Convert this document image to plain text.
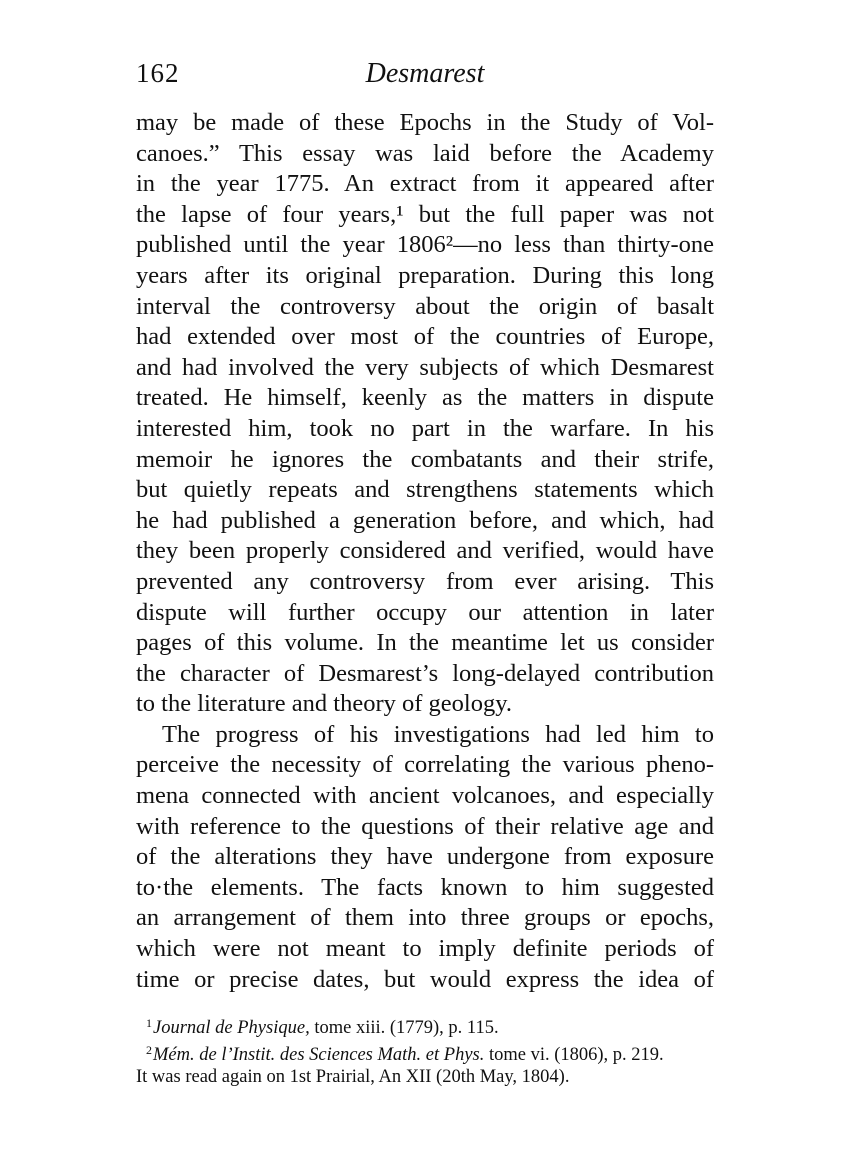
162	Desmarest
may be made of these Epochs in the Study of Vol-
canoes.” This essay was laid before the Academy
in the year 1775. An extract from it appeared after
the lapse of four years,¹ but the full paper was not
published until the year 1806²—no less than thirty-one
years after its original preparation. During this long
interval the controversy about the origin of basalt
had extended over most of the countries of Europe,
and had involved the very subjects of which Desmarest
treated. He himself, keenly as the matters in dispute
interested him, took no part in the warfare. In his
memoir he ignores the combatants and their strife,
but quietly repeats and strengthens statements which
he had published a generation before, and which, had
they been properly considered and verified, would have
prevented any controversy from ever arising. This
dispute will further occupy our attention in later
pages of this volume. In the meantime let us consider
the character of Desmarest’s long-delayed contribution
to the literature and theory of geology.
The progress of his investigations had led him to
perceive the necessity of correlating the various pheno-
mena connected with ancient volcanoes, and especially
with reference to the questions of their relative age and
of the alterations they have undergone from exposure
to·the elements. The facts known to him suggested
an arrangement of them into three groups or epochs,
which were not meant to imply definite periods of
time or precise dates, but would express the idea of
$^1$Journal de Physique, tome xiii. (1779), p. 115.
$^2$Mém. de l’Instit. des Sciences Math. et Phys. tome vi. (1806), p. 219.
It was read again on 1st Prairial, An XII (20th May, 1804).
